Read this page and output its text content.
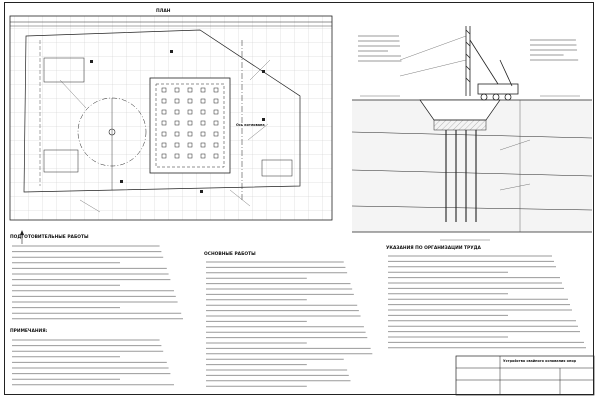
ПЛАН
Ось котлована
ПОДГОТОВИТЕЛЬНЫЕ РАБОТЫ
ПРИМЕЧАНИЯ:
ОСНОВНЫЕ РАБОТЫ
УКАЗАНИЯ ПО ОРГАНИЗАЦИИ ТРУДА
Устройство свайного основания опор
